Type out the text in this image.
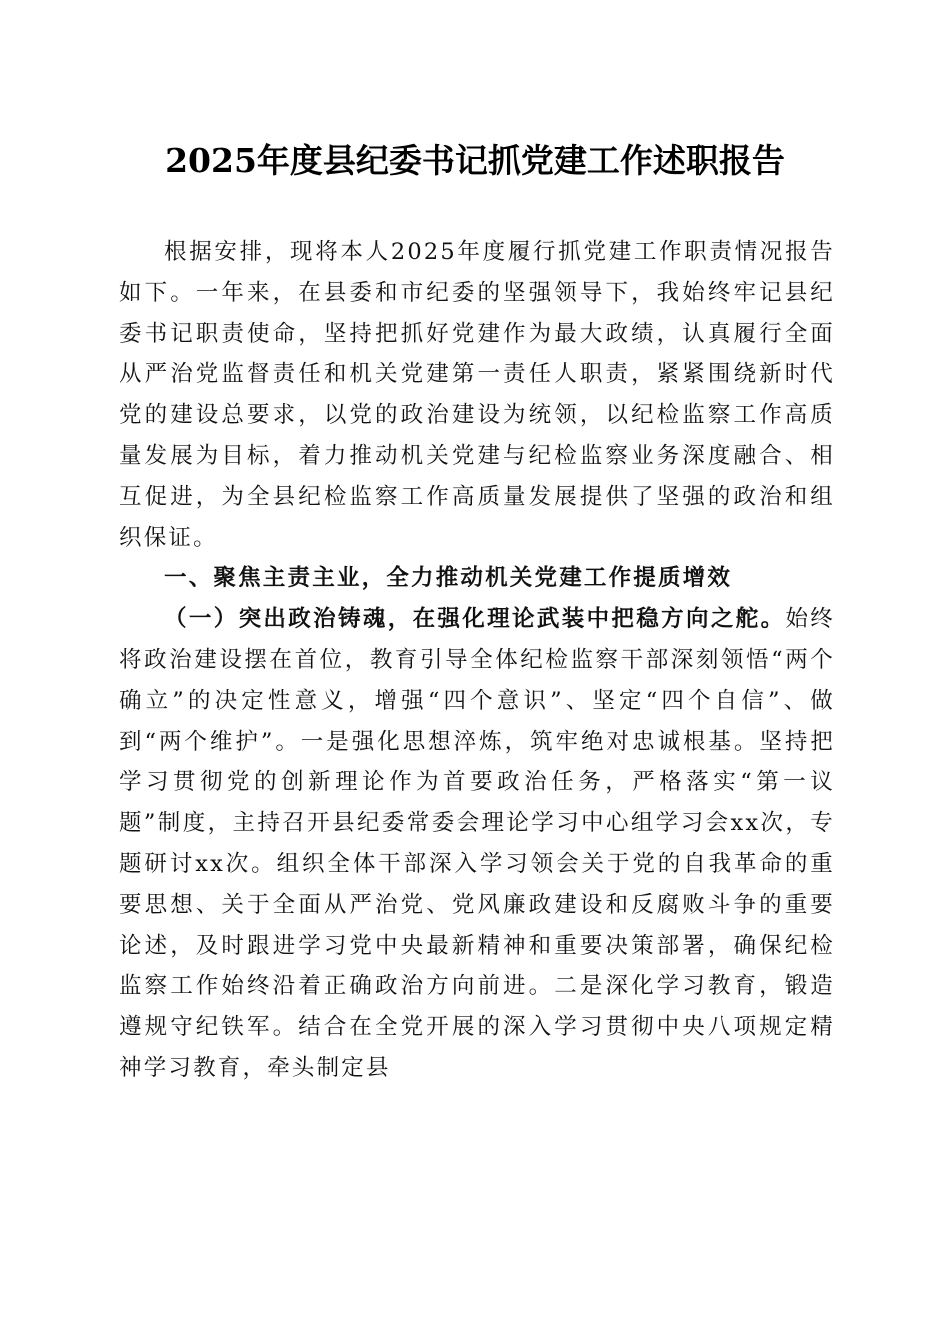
2025年度县纪委书记抓党建工作述职报告

根据安排，现将本人2025年度履行抓党建工作职责情况报告如下。一年来，在县委和市纪委的坚强领导下，我始终牢记县纪委书记职责使命，坚持把抓好党建作为最大政绩，认真履行全面从严治党监督责任和机关党建第一责任人职责，紧紧围绕新时代党的建设总要求，以党的政治建设为统领，以纪检监察工作高质量发展为目标，着力推动机关党建与纪检监察业务深度融合、相互促进，为全县纪检监察工作高质量发展提供了坚强的政治和组织保证。

一、聚焦主责主业，全力推动机关党建工作提质增效

（一）突出政治铸魂，在强化理论武装中把稳方向之舵。始终将政治建设摆在首位，教育引导全体纪检监察干部深刻领悟“两个确立”的决定性意义，增强“四个意识”、坚定“四个自信”、做到“两个维护”。一是强化思想淬炼，筑牢绝对忠诚根基。坚持把学习贯彻党的创新理论作为首要政治任务，严格落实“第一议题”制度，主持召开县纪委常委会理论学习中心组学习会xx次，专题研讨xx次。组织全体干部深入学习领会关于党的自我革命的重要思想、关于全面从严治党、党风廉政建设和反腐败斗争的重要论述，及时跟进学习党中央最新精神和重要决策部署，确保纪检监察工作始终沿着正确政治方向前进。二是深化学习教育，锻造遵规守纪铁军。结合在全党开展的深入学习贯彻中央八项规定精神学习教育，牵头制定县
